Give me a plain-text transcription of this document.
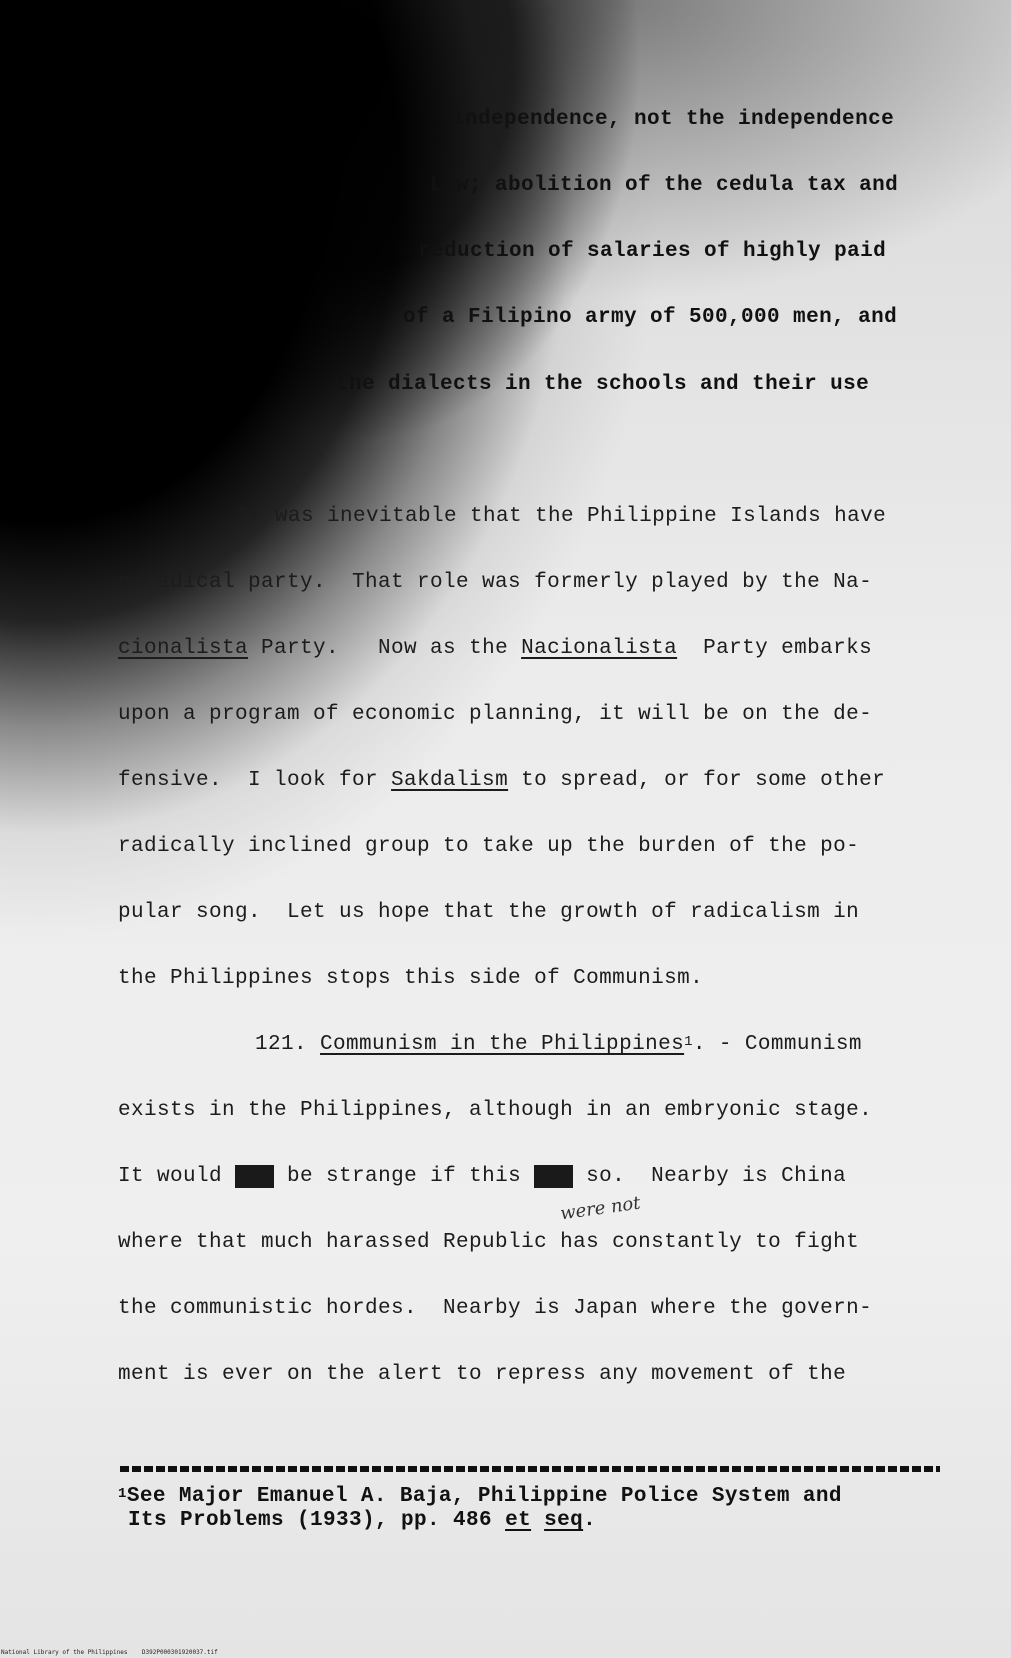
independence, not the independence

Law; abolition of the cedula tax and

reduction of salaries of highly paid

of a Filipino army of 500,000 men, and

the dialects in the schools and their use

It was inevitable that the Philippine Islands have

a radical party.  That role was formerly played by the Na-

cionalista Party.   Now as the Nacionalista  Party embarks

upon a program of economic planning, it will be on the de-

fensive.  I look for Sakdalism to spread, or for some other

radically inclined group to take up the burden of the po-

pular song.  Let us hope that the growth of radicalism in

the Philippines stops this side of Communism.

121. Communism in the Philippines$^1$. - Communism

exists in the Philippines, although in an embryonic stage.

were not

It would not be strange if this was so.  Nearby is China

where that much harassed Republic has constantly to fight

the communistic hordes.  Nearby is Japan where the govern-

ment is ever on the alert to repress any movement of the

$^1$See Major Emanuel A. Baja, Philippine Police System and

Its Problems (1933), pp. 486 et seq.

National Library of the Philippines    D392P000301920037.tif
